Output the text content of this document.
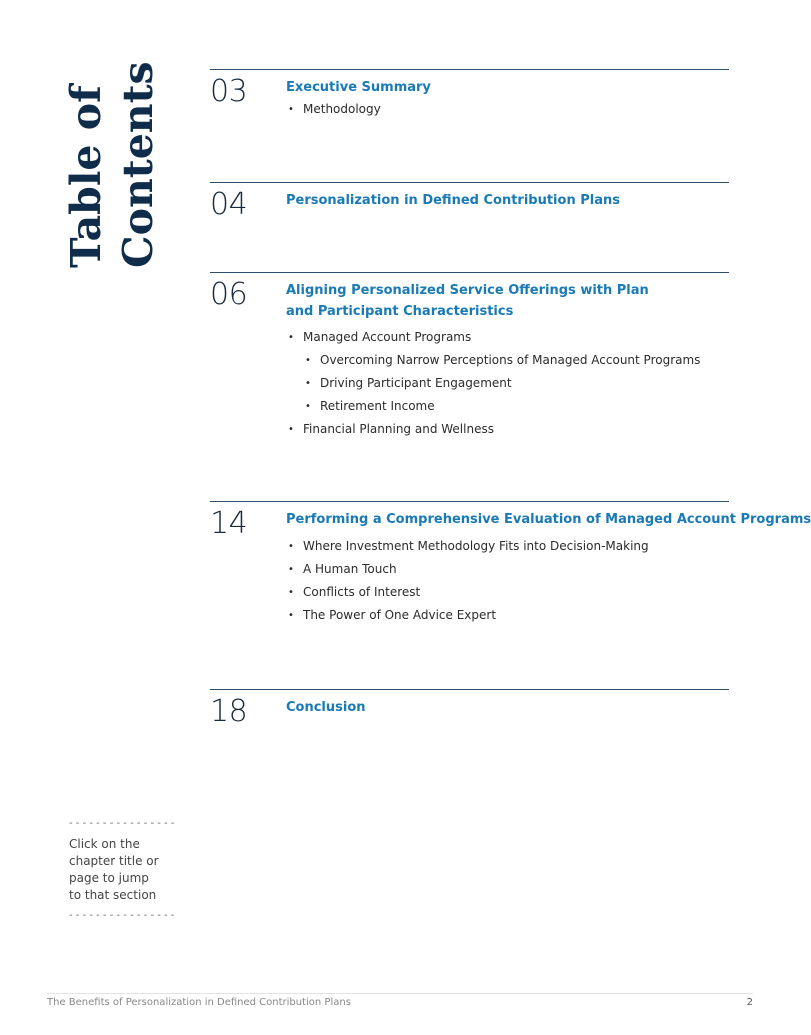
Table of Contents 03	Executive Summary
• Methodology
04	Personalization in Defined Contribution Plans
06	Aligning Personalized Service Offerings with Plan
and Participant Characteristics
• Managed Account Programs
• Overcoming Narrow Perceptions of Managed Account Programs
• Driving Participant Engagement
• Retirement Income
• Financial Planning and Wellness
14	Performing a Comprehensive Evaluation of Managed Account Programs
• Where Investment Methodology Fits into Decision-Making
• A Human Touch
• Conflicts of Interest
• The Power of One Advice Expert
18	Conclusion
- - - - - - - - - - - - - - - -
Click on the chapter title or page to jump to that section
- - - - - - - - - - - - - - - -
The Benefits of Personalization in Defined Contribution Plans	2
